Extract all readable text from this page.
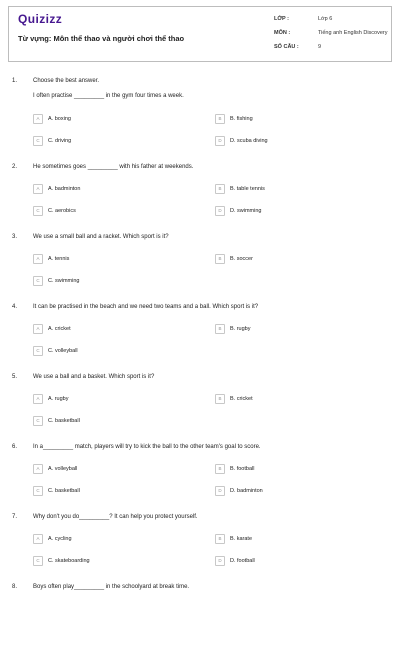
Quizizz
Từ vựng: Môn thể thao và người chơi thể thao
LỚP :	Lớp 6
MÔN :	Tiếng anh English Discovery
SỐ CÂU :	9
1.	Choose the best answer.
I often practise _________ in the gym four times a week.
A	A. boxing	B	B. fishing
C	C. driving	D	D. scuba diving
2.	He sometimes goes _________ with his father at weekends.
A	A. badminton	B	B. table tennis
C	C. aerobics	D	D. swimming
3.	We use a small ball and a racket. Which sport is it?
A	A. tennis	B	B. soccer
C	C. swimming
4.	It can be practised in the beach and we need two teams and a ball. Which sport is it?
A	A. cricket	B	B. rugby
C	C. volleyball
5.	We use a ball and a basket. Which sport is it?
A	A. rugby	B	B. cricket
C	C. basketball
6.	In a_________ match, players will try to kick the ball to the other team's goal to score.
A	A. volleyball	B	B. football
C	C. basketball	D	D. badminton
7.	Why don't you do_________? It can help you protect yourself.
A	A. cycling	B	B. karate
C	C. skateboarding	D	D. football
8.	Boys often play_________ in the schoolyard at break time.
